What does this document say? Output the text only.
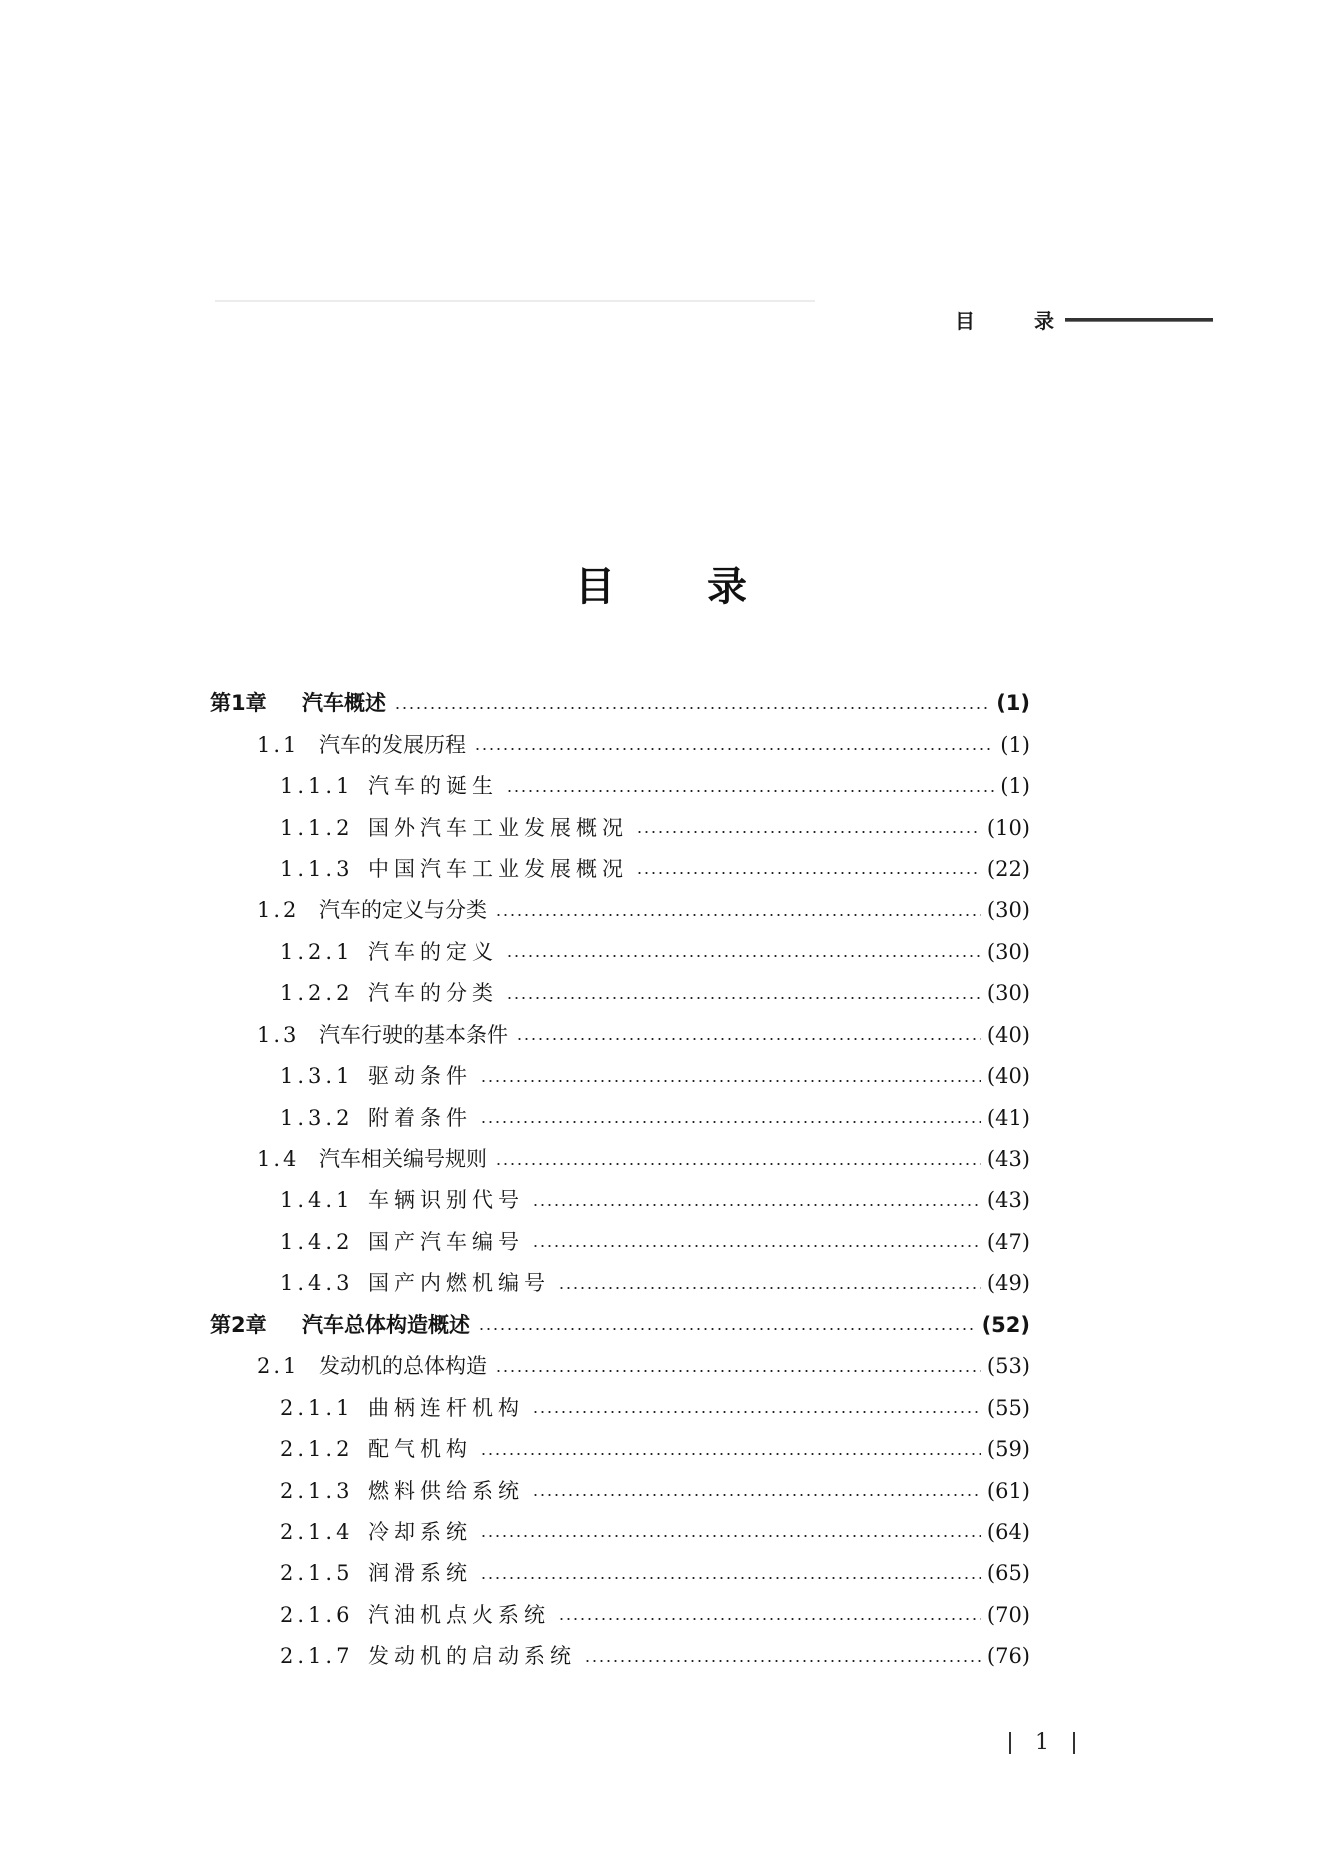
目 录
目 录
第1章	汽车概述	(1)
1.1 汽车的发展历程	(1)
1.1.1 汽车的诞生	(1)
1.1.2 国外汽车工业发展概况	(10)
1.1.3 中国汽车工业发展概况	(22)
1.2 汽车的定义与分类	(30)
1.2.1 汽车的定义	(30)
1.2.2 汽车的分类	(30)
1.3 汽车行驶的基本条件	(40)
1.3.1 驱动条件	(40)
1.3.2 附着条件	(41)
1.4 汽车相关编号规则	(43)
1.4.1 车辆识别代号	(43)
1.4.2 国产汽车编号	(47)
1.4.3 国产内燃机编号	(49)
第2章	汽车总体构造概述	(52)
2.1 发动机的总体构造	(53)
2.1.1 曲柄连杆机构	(55)
2.1.2 配气机构	(59)
2.1.3 燃料供给系统	(61)
2.1.4 冷却系统	(64)
2.1.5 润滑系统	(65)
2.1.6 汽油机点火系统	(70)
2.1.7 发动机的启动系统	(76)
1
